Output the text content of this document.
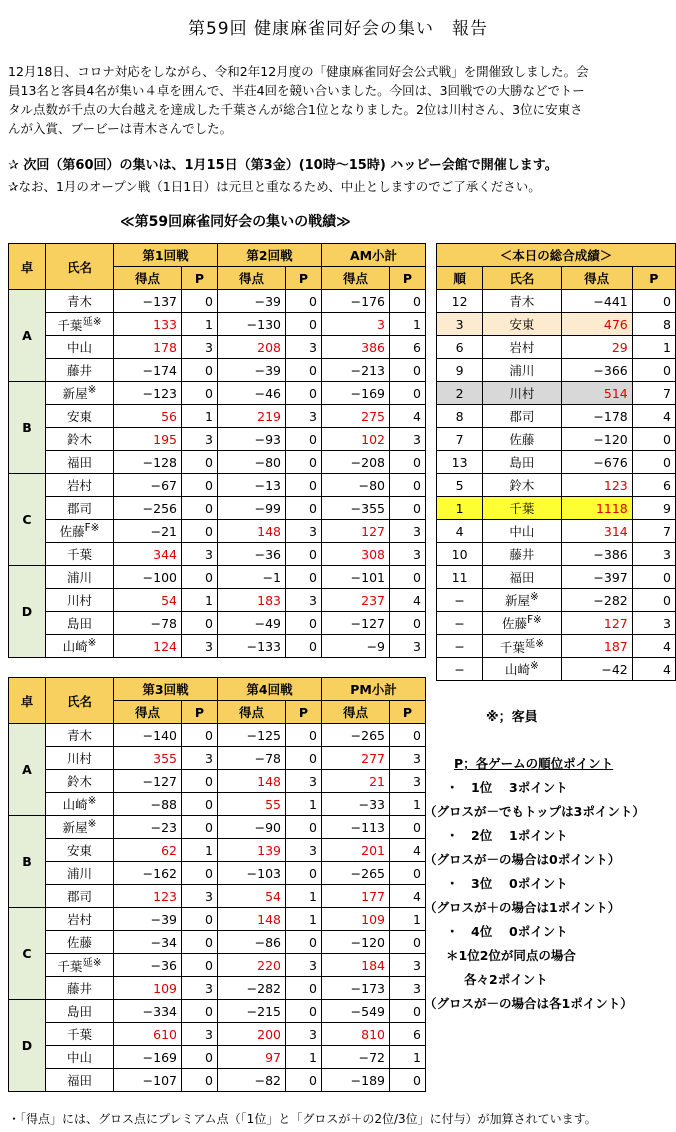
第59回 健康麻雀同好会の集い　報告
12月18日、コロナ対応をしながら、令和2年12月度の「健康麻雀同好会公式戦」を開催致しました。会
員13名と客員4名が集い４卓を囲んで、半荘4回を競い合いました。今回は、3回戦での大勝などでトー
タル点数が千点の大台越えを達成した千葉さんが総合1位となりました。2位は川村さん、3位に安東さ
んが入賞、ブービーは青木さんでした。
✰ 次回（第60回）の集いは、1月15日（第3金）(10時～15時) ハッピー会館で開催します。
✰なお、1月のオープン戦（1日1日）は元旦と重なるため、中止としますのでご了承ください。
≪第59回麻雀同好会の集いの戦績≫
卓	氏名	第1回戦		第2回戦		AM小計	
		得点	P	得点	P	得点	P
A	青木	−137	0	−39	0	−176	0
	千葉$^{延※}$	133	1	−130	0	3	1
	中山	178	3	208	3	386	6
	藤井	−174	0	−39	0	−213	0
B	新屋※	−123	0	−46	0	−169	0
	安東	56	1	219	3	275	4
	鈴木	195	3	−93	0	102	3
	福田	−128	0	−80	0	−208	0
C	岩村	−67	0	−13	0	−80	0
	郡司	−256	0	−99	0	−355	0
	佐藤$^{F※}$	−21	0	148	3	127	3
	千葉	344	3	−36	0	308	3
D	浦川	−100	0	−1	0	−101	0
	川村	54	1	183	3	237	4
	島田	−78	0	−49	0	−127	0
	山崎※	124	3	−133	0	−9	3
卓	氏名	第3回戦		第4回戦		PM小計	
		得点	P	得点	P	得点	P
A	青木	−140	0	−125	0	−265	0
	川村	355	3	−78	0	277	3
	鈴木	−127	0	148	3	21	3
	山崎※	−88	0	55	1	−33	1
B	新屋※	−23	0	−90	0	−113	0
	安東	62	1	139	3	201	4
	浦川	−162	0	−103	0	−265	0
	郡司	123	3	54	1	177	4
C	岩村	−39	0	148	1	109	1
	佐藤	−34	0	−86	0	−120	0
	千葉$^{延※}$	−36	0	220	3	184	3
	藤井	109	3	−282	0	−173	3
D	島田	−334	0	−215	0	−549	0
	千葉	610	3	200	3	810	6
	中山	−169	0	97	1	−72	1
	福田	−107	0	−82	0	−189	0
＜本日の総合成績＞			
順	氏名	得点	P
12	青木	−441	0
3	安東	476	8
6	岩村	29	1
9	浦川	−366	0
2	川村	514	7
8	郡司	−178	4
7	佐藤	−120	0
13	島田	−676	0
5	鈴木	123	6
1	千葉	1118	9
4	中山	314	7
10	藤井	−386	3
11	福田	−397	0
−	新屋※	−282	0
−	佐藤$^{F※}$	127	3
−	千葉$^{延※}$	187	4
−	山崎※	−42	4
※；客員
P；各ゲームの順位ポイント
・　1位　 3ポイント
（グロスが－でもトップは3ポイント）
・　2位　 1ポイント
（グロスが－の場合は0ポイント）
・　3位　 0ポイント
（グロスが＋の場合は1ポイント）
・　4位　 0ポイント
＊1位2位が同点の場合
各々2ポイント
（グロスが－の場合は各1ポイント）
・「得点」には、グロス点にプレミアム点（「1位」と「グロスが＋の2位/3位」に付与）が加算されています。
